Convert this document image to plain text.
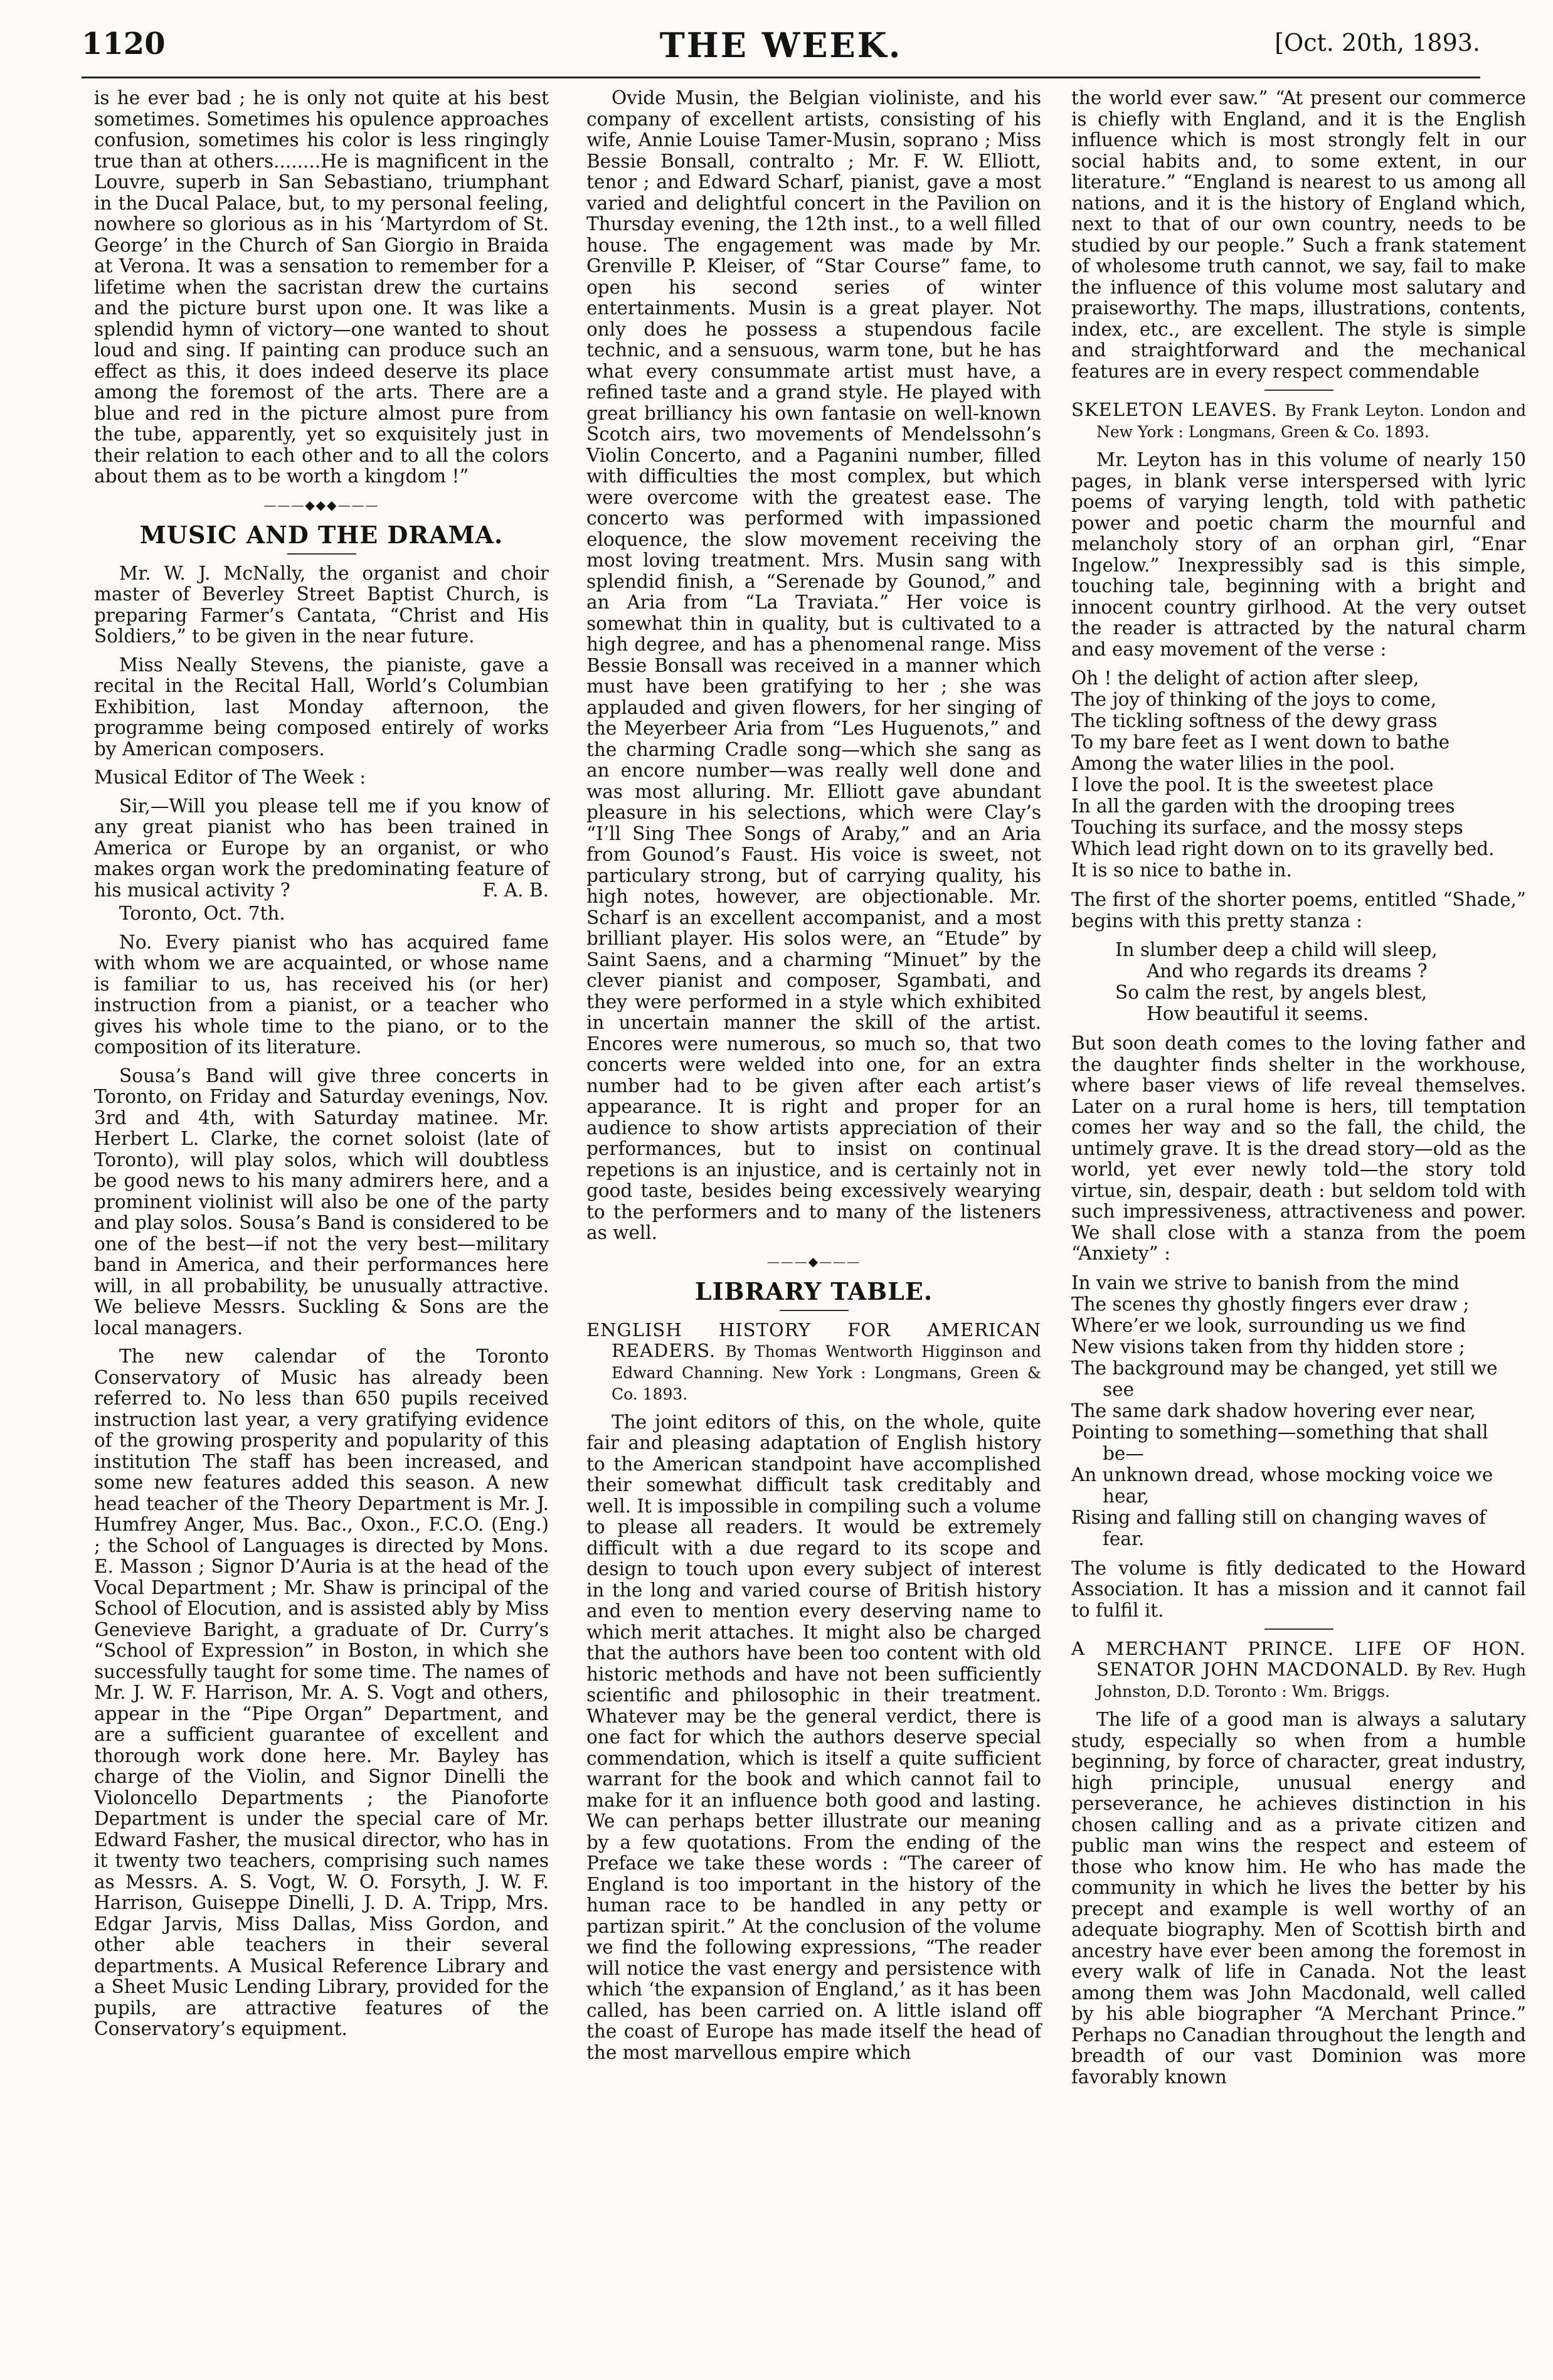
1120	THE WEEK.	[Oct. 20th, 1893.

is he ever bad ; he is only not quite at his best sometimes. Sometimes his opulence approaches confusion, sometimes his color is less ringingly true than at others........He is magnificent in the Louvre, superb in San Sebastiano, triumphant in the Ducal Palace, but, to my personal feeling, nowhere so glorious as in his ‘Martyrdom of St. George’ in the Church of San Giorgio in Braida at Verona. It was a sensation to remember for a lifetime when the sacristan drew the curtains and the picture burst upon one. It was like a splendid hymn of victory—one wanted to shout loud and sing. If painting can produce such an effect as this, it does indeed deserve its place among the foremost of the arts. There are a blue and red in the picture almost pure from the tube, apparently, yet so exquisitely just in their relation to each other and to all the colors about them as to be worth a kingdom !”

———◆◆◆———
MUSIC AND THE DRAMA.

Mr. W. J. McNally, the organist and choir master of Beverley Street Baptist Church, is preparing Farmer’s Cantata, “Christ and His Soldiers,” to be given in the near future.

Miss Neally Stevens, the pianiste, gave a recital in the Recital Hall, World’s Columbian Exhibition, last Monday afternoon, the programme being composed entirely of works by American composers.

Musical Editor of The Week :

Sir,—Will you please tell me if you know of any great pianist who has been trained in America or Europe by an organist, or who makes organ work the predominating feature of his musical activity ?	F. A. B.

Toronto, Oct. 7th.

No. Every pianist who has acquired fame with whom we are acquainted, or whose name is familiar to us, has received his (or her) instruction from a pianist, or a teacher who gives his whole time to the piano, or to the composition of its literature.

Sousa’s Band will give three concerts in Toronto, on Friday and Saturday evenings, Nov. 3rd and 4th, with Saturday matinee. Mr. Herbert L. Clarke, the cornet soloist (late of Toronto), will play solos, which will doubtless be good news to his many admirers here, and a prominent violinist will also be one of the party and play solos. Sousa’s Band is considered to be one of the best—if not the very best—military band in America, and their performances here will, in all probability, be unusually attractive. We believe Messrs. Suckling & Sons are the local managers.

The new calendar of the Toronto Conservatory of Music has already been referred to. No less than 650 pupils received instruction last year, a very gratifying evidence of the growing prosperity and popularity of this institution The staff has been increased, and some new features added this season. A new head teacher of the Theory Department is Mr. J. Humfrey Anger, Mus. Bac., Oxon., F.C.O. (Eng.) ; the School of Languages is directed by Mons. E. Masson ; Signor D’Auria is at the head of the Vocal Department ; Mr. Shaw is principal of the School of Elocution, and is assisted ably by Miss Genevieve Baright, a graduate of Dr. Curry’s “School of Expression” in Boston, in which she successfully taught for some time. The names of Mr. J. W. F. Harrison, Mr. A. S. Vogt and others, appear in the “Pipe Organ” Department, and are a sufficient guarantee of excellent and thorough work done here. Mr. Bayley has charge of the Violin, and Signor Dinelli the Violoncello Departments ; the Pianoforte Department is under the special care of Mr. Edward Fasher, the musical director, who has in it twenty two teachers, comprising such names as Messrs. A. S. Vogt, W. O. Forsyth, J. W. F. Harrison, Guiseppe Dinelli, J. D. A. Tripp, Mrs. Edgar Jarvis, Miss Dallas, Miss Gordon, and other able teachers in their several departments. A Musical Reference Library and a Sheet Music Lending Library, provided for the pupils, are attractive features of the Conservatory’s equipment.

Ovide Musin, the Belgian violiniste, and his company of excellent artists, consisting of his wife, Annie Louise Tamer-Musin, soprano ; Miss Bessie Bonsall, contralto ; Mr. F. W. Elliott, tenor ; and Edward Scharf, pianist, gave a most varied and delightful concert in the Pavilion on Thursday evening, the 12th inst., to a well filled house. The engagement was made by Mr. Grenville P. Kleiser, of “Star Course” fame, to open his second series of winter entertainments. Musin is a great player. Not only does he possess a stupendous facile technic, and a sensuous, warm tone, but he has what every consummate artist must have, a refined taste and a grand style. He played with great brilliancy his own fantasie on well-known Scotch airs, two movements of Mendelssohn’s Violin Concerto, and a Paganini number, filled with difficulties the most complex, but which were overcome with the greatest ease. The concerto was performed with impassioned eloquence, the slow movement receiving the most loving treatment. Mrs. Musin sang with splendid finish, a “Serenade by Gounod,” and an Aria from “La Traviata.” Her voice is somewhat thin in quality, but is cultivated to a high degree, and has a phenomenal range. Miss Bessie Bonsall was received in a manner which must have been gratifying to her ; she was applauded and given flowers, for her singing of the Meyerbeer Aria from “Les Huguenots,” and the charming Cradle song—which she sang as an encore number—was really well done and was most alluring. Mr. Elliott gave abundant pleasure in his selections, which were Clay’s “I’ll Sing Thee Songs of Araby,” and an Aria from Gounod’s Faust. His voice is sweet, not particulary strong, but of carrying quality, his high notes, however, are objectionable. Mr. Scharf is an excellent accompanist, and a most brilliant player. His solos were, an “Etude” by Saint Saens, and a charming “Minuet” by the clever pianist and composer, Sgambati, and they were performed in a style which exhibited in uncertain manner the skill of the artist. Encores were numerous, so much so, that two concerts were welded into one, for an extra number had to be given after each artist’s appearance. It is right and proper for an audience to show artists appreciation of their performances, but to insist on continual repetions is an injustice, and is certainly not in good taste, besides being excessively wearying to the performers and to many of the listeners as well.

———◆———
LIBRARY TABLE.
ENGLISH HISTORY FOR AMERICAN READERS. By Thomas Wentworth Higginson and Edward Channing. New York : Longmans, Green & Co. 1893.

The joint editors of this, on the whole, quite fair and pleasing adaptation of English history to the American standpoint have accomplished their somewhat difficult task creditably and well. It is impossible in compiling such a volume to please all readers. It would be extremely difficult with a due regard to its scope and design to touch upon every subject of interest in the long and varied course of British history and even to mention every deserving name to which merit attaches. It might also be charged that the authors have been too content with old historic methods and have not been sufficiently scientific and philosophic in their treatment. Whatever may be the general verdict, there is one fact for which the authors deserve special commendation, which is itself a quite sufficient warrant for the book and which cannot fail to make for it an influence both good and lasting. We can perhaps better illustrate our meaning by a few quotations. From the ending of the Preface we take these words : “The career of England is too important in the history of the human race to be handled in any petty or partizan spirit.” At the conclusion of the volume we find the following expressions, “The reader will notice the vast energy and persistence with which ‘the expansion of England,’ as it has been called, has been carried on. A little island off the coast of Europe has made itself the head of the most marvellous empire which

the world ever saw.” “At present our commerce is chiefly with England, and it is the English influence which is most strongly felt in our social habits and, to some extent, in our literature.” “England is nearest to us among all nations, and it is the history of England which, next to that of our own country, needs to be studied by our people.” Such a frank statement of wholesome truth cannot, we say, fail to make the influence of this volume most salutary and praiseworthy. The maps, illustrations, contents, index, etc., are excellent. The style is simple and straightforward and the mechanical features are in every respect commendable

SKELETON LEAVES. By Frank Leyton. London and New York : Longmans, Green & Co. 1893.

Mr. Leyton has in this volume of nearly 150 pages, in blank verse interspersed with lyric poems of varying length, told with pathetic power and poetic charm the mournful and melancholy story of an orphan girl, “Enar Ingelow.” Inexpressibly sad is this simple, touching tale, beginning with a bright and innocent country girlhood. At the very outset the reader is attracted by the natural charm and easy movement of the verse :

Oh ! the delight of action after sleep,
The joy of thinking of the joys to come,
The tickling softness of the dewy grass
To my bare feet as I went down to bathe
Among the water lilies in the pool.
I love the pool. It is the sweetest place
In all the garden with the drooping trees
Touching its surface, and the mossy steps
Which lead right down on to its gravelly bed.
It is so nice to bathe in.

The first of the shorter poems, entitled “Shade,” begins with this pretty stanza :

In slumber deep a child will sleep,
And who regards its dreams ?
So calm the rest, by angels blest,
How beautiful it seems.

But soon death comes to the loving father and the daughter finds shelter in the workhouse, where baser views of life reveal themselves. Later on a rural home is hers, till temptation comes her way and so the fall, the child, the untimely grave. It is the dread story—old as the world, yet ever newly told—the story told virtue, sin, despair, death : but seldom told with such impressiveness, attractiveness and power. We shall close with a stanza from the poem “Anxiety” :

In vain we strive to banish from the mind
The scenes thy ghostly fingers ever draw ;
Where’er we look, surrounding us we find
New visions taken from thy hidden store ;
The background may be changed, yet still we
see
The same dark shadow hovering ever near,
Pointing to something—something that shall
be—
An unknown dread, whose mocking voice we
hear,
Rising and falling still on changing waves of
fear.

The volume is fitly dedicated to the Howard Association. It has a mission and it cannot fail to fulfil it.

A MERCHANT PRINCE. LIFE OF HON. SENATOR JOHN MACDONALD. By Rev. Hugh Johnston, D.D. Toronto : Wm. Briggs.

The life of a good man is always a salutary study, especially so when from a humble beginning, by force of character, great industry, high principle, unusual energy and perseverance, he achieves distinction in his chosen calling and as a private citizen and public man wins the respect and esteem of those who know him. He who has made the community in which he lives the better by his precept and example is well worthy of an adequate biography. Men of Scottish birth and ancestry have ever been among the foremost in every walk of life in Canada. Not the least among them was John Macdonald, well called by his able biographer “A Merchant Prince.” Perhaps no Canadian throughout the length and breadth of our vast Dominion was more favorably known
